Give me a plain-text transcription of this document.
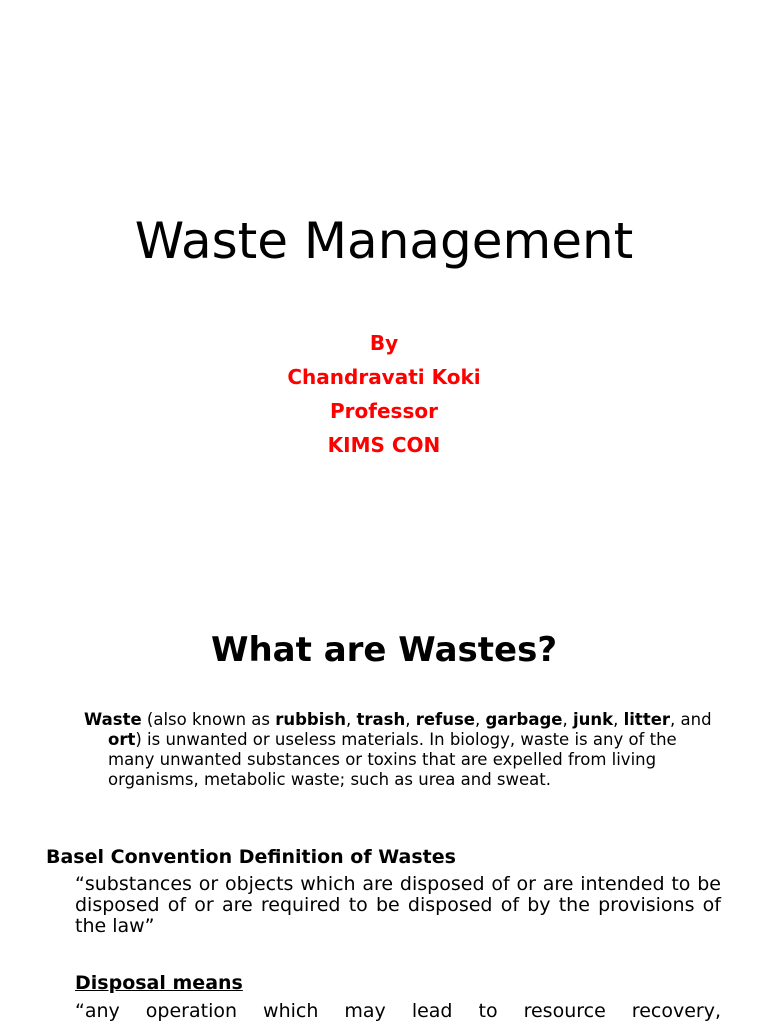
Waste Management
By
Chandravati Koki
Professor
KIMS CON
What are Wastes?

Waste (also known as rubbish, trash, refuse, garbage, junk, litter, and ort) is unwanted or useless materials. In biology, waste is any of the many unwanted substances or toxins that are expelled from living organisms, metabolic waste; such as urea and sweat.

Basel Convention Definition of Wastes

“substances or objects which are disposed of or are intended to be disposed of or are required to be disposed of by the provisions of the law”

Disposal means

“any operation which may lead to resource recovery,
